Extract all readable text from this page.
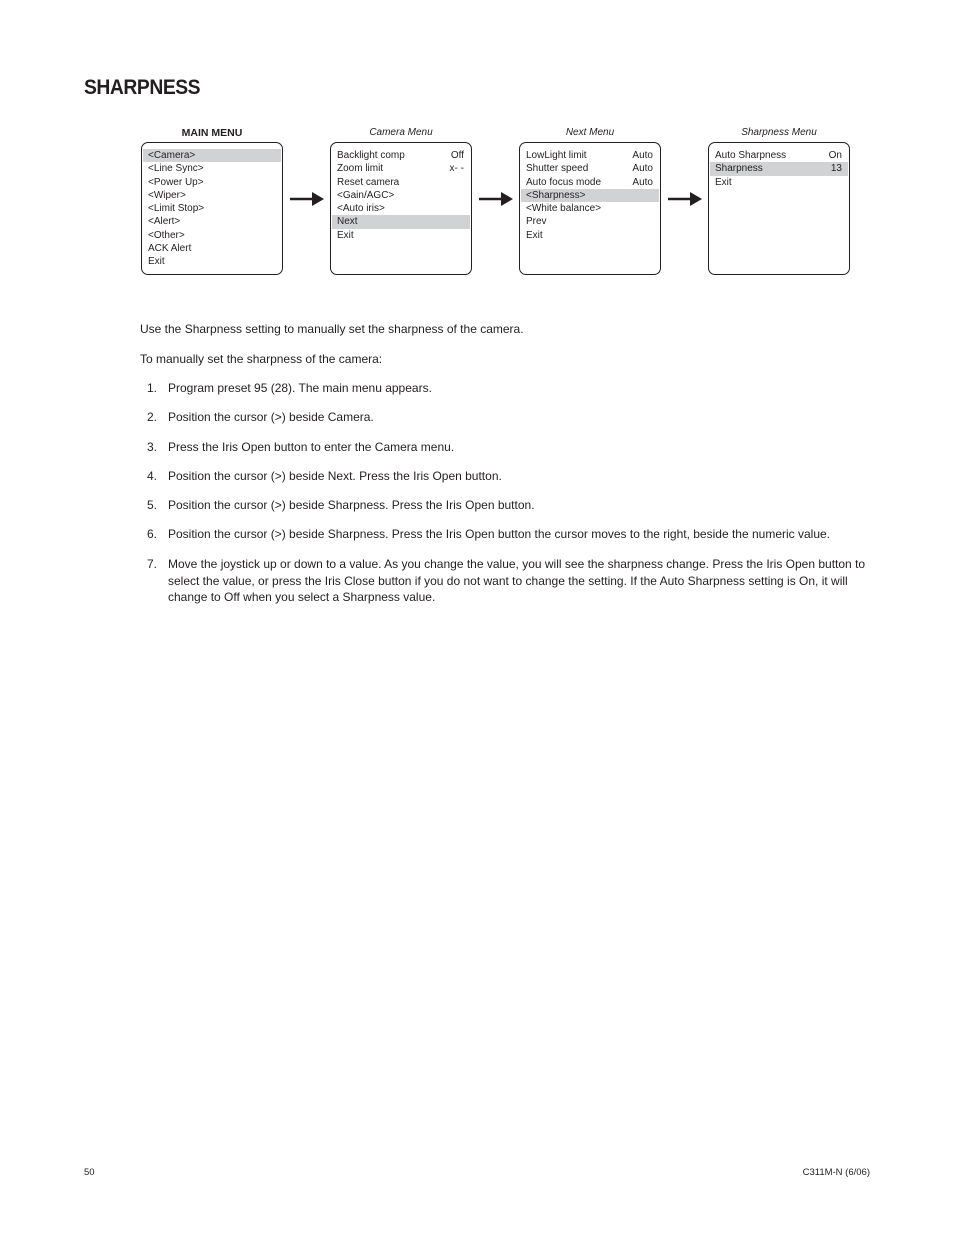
SHARPNESS
MAIN MENU
<Camera>
<Line Sync>
<Power Up>
<Wiper>
<Limit Stop>
<Alert>
<Other>
ACK Alert
Exit
Camera Menu
Backlight comp	Off
Zoom limit	x- -
Reset camera
<Gain/AGC>
<Auto iris>
Next
Exit
Next Menu
LowLight limit	Auto
Shutter speed	Auto
Auto focus mode	Auto
<Sharpness>
<White balance>
Prev
Exit
Sharpness Menu
Auto Sharpness	On
Sharpness	13
Exit
Use the Sharpness setting to manually set the sharpness of the camera.
To manually set the sharpness of the camera:
1. Program preset 95 (28). The main menu appears.
2. Position the cursor (>) beside Camera.
3. Press the Iris Open button to enter the Camera menu.
4. Position the cursor (>) beside Next. Press the Iris Open button.
5. Position the cursor (>) beside Sharpness. Press the Iris Open button.
6. Position the cursor (>) beside Sharpness. Press the Iris Open button the cursor moves to the right, beside the numeric value.
7. Move the joystick up or down to a value. As you change the value, you will see the sharpness change. Press the Iris Open button to select the value, or press the Iris Close button if you do not want to change the setting. If the Auto Sharpness setting is On, it will change to Off when you select a Sharpness value.
50	C311M-N (6/06)
